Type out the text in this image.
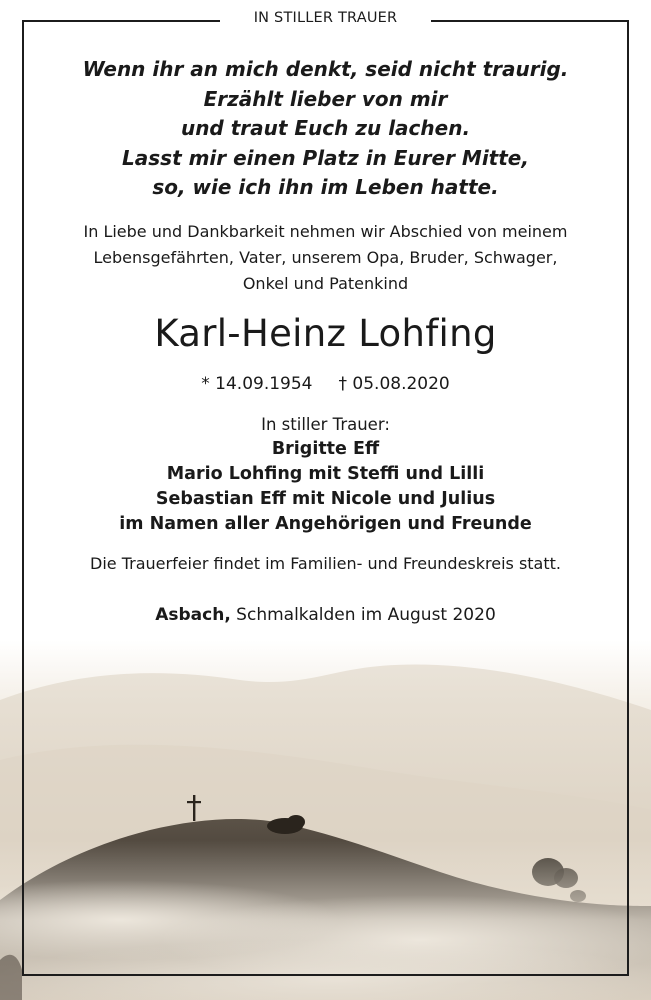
IN STILLER TRAUER
Wenn ihr an mich denkt, seid nicht traurig.
Erzählt lieber von mir
und traut Euch zu lachen.
Lasst mir einen Platz in Eurer Mitte,
so, wie ich ihn im Leben hatte.
In Liebe und Dankbarkeit nehmen wir Abschied von meinem
Lebensgefährten, Vater, unserem Opa, Bruder, Schwager,
Onkel und Patenkind
Karl-Heinz Lohfing
* 14.09.1954 † 05.08.2020
In stiller Trauer:
Brigitte Eff
Mario Lohfing mit Steffi und Lilli
Sebastian Eff mit Nicole und Julius
im Namen aller Angehörigen und Freunde
Die Trauerfeier findet im Familien- und Freundeskreis statt.
Asbach, Schmalkalden im August 2020
